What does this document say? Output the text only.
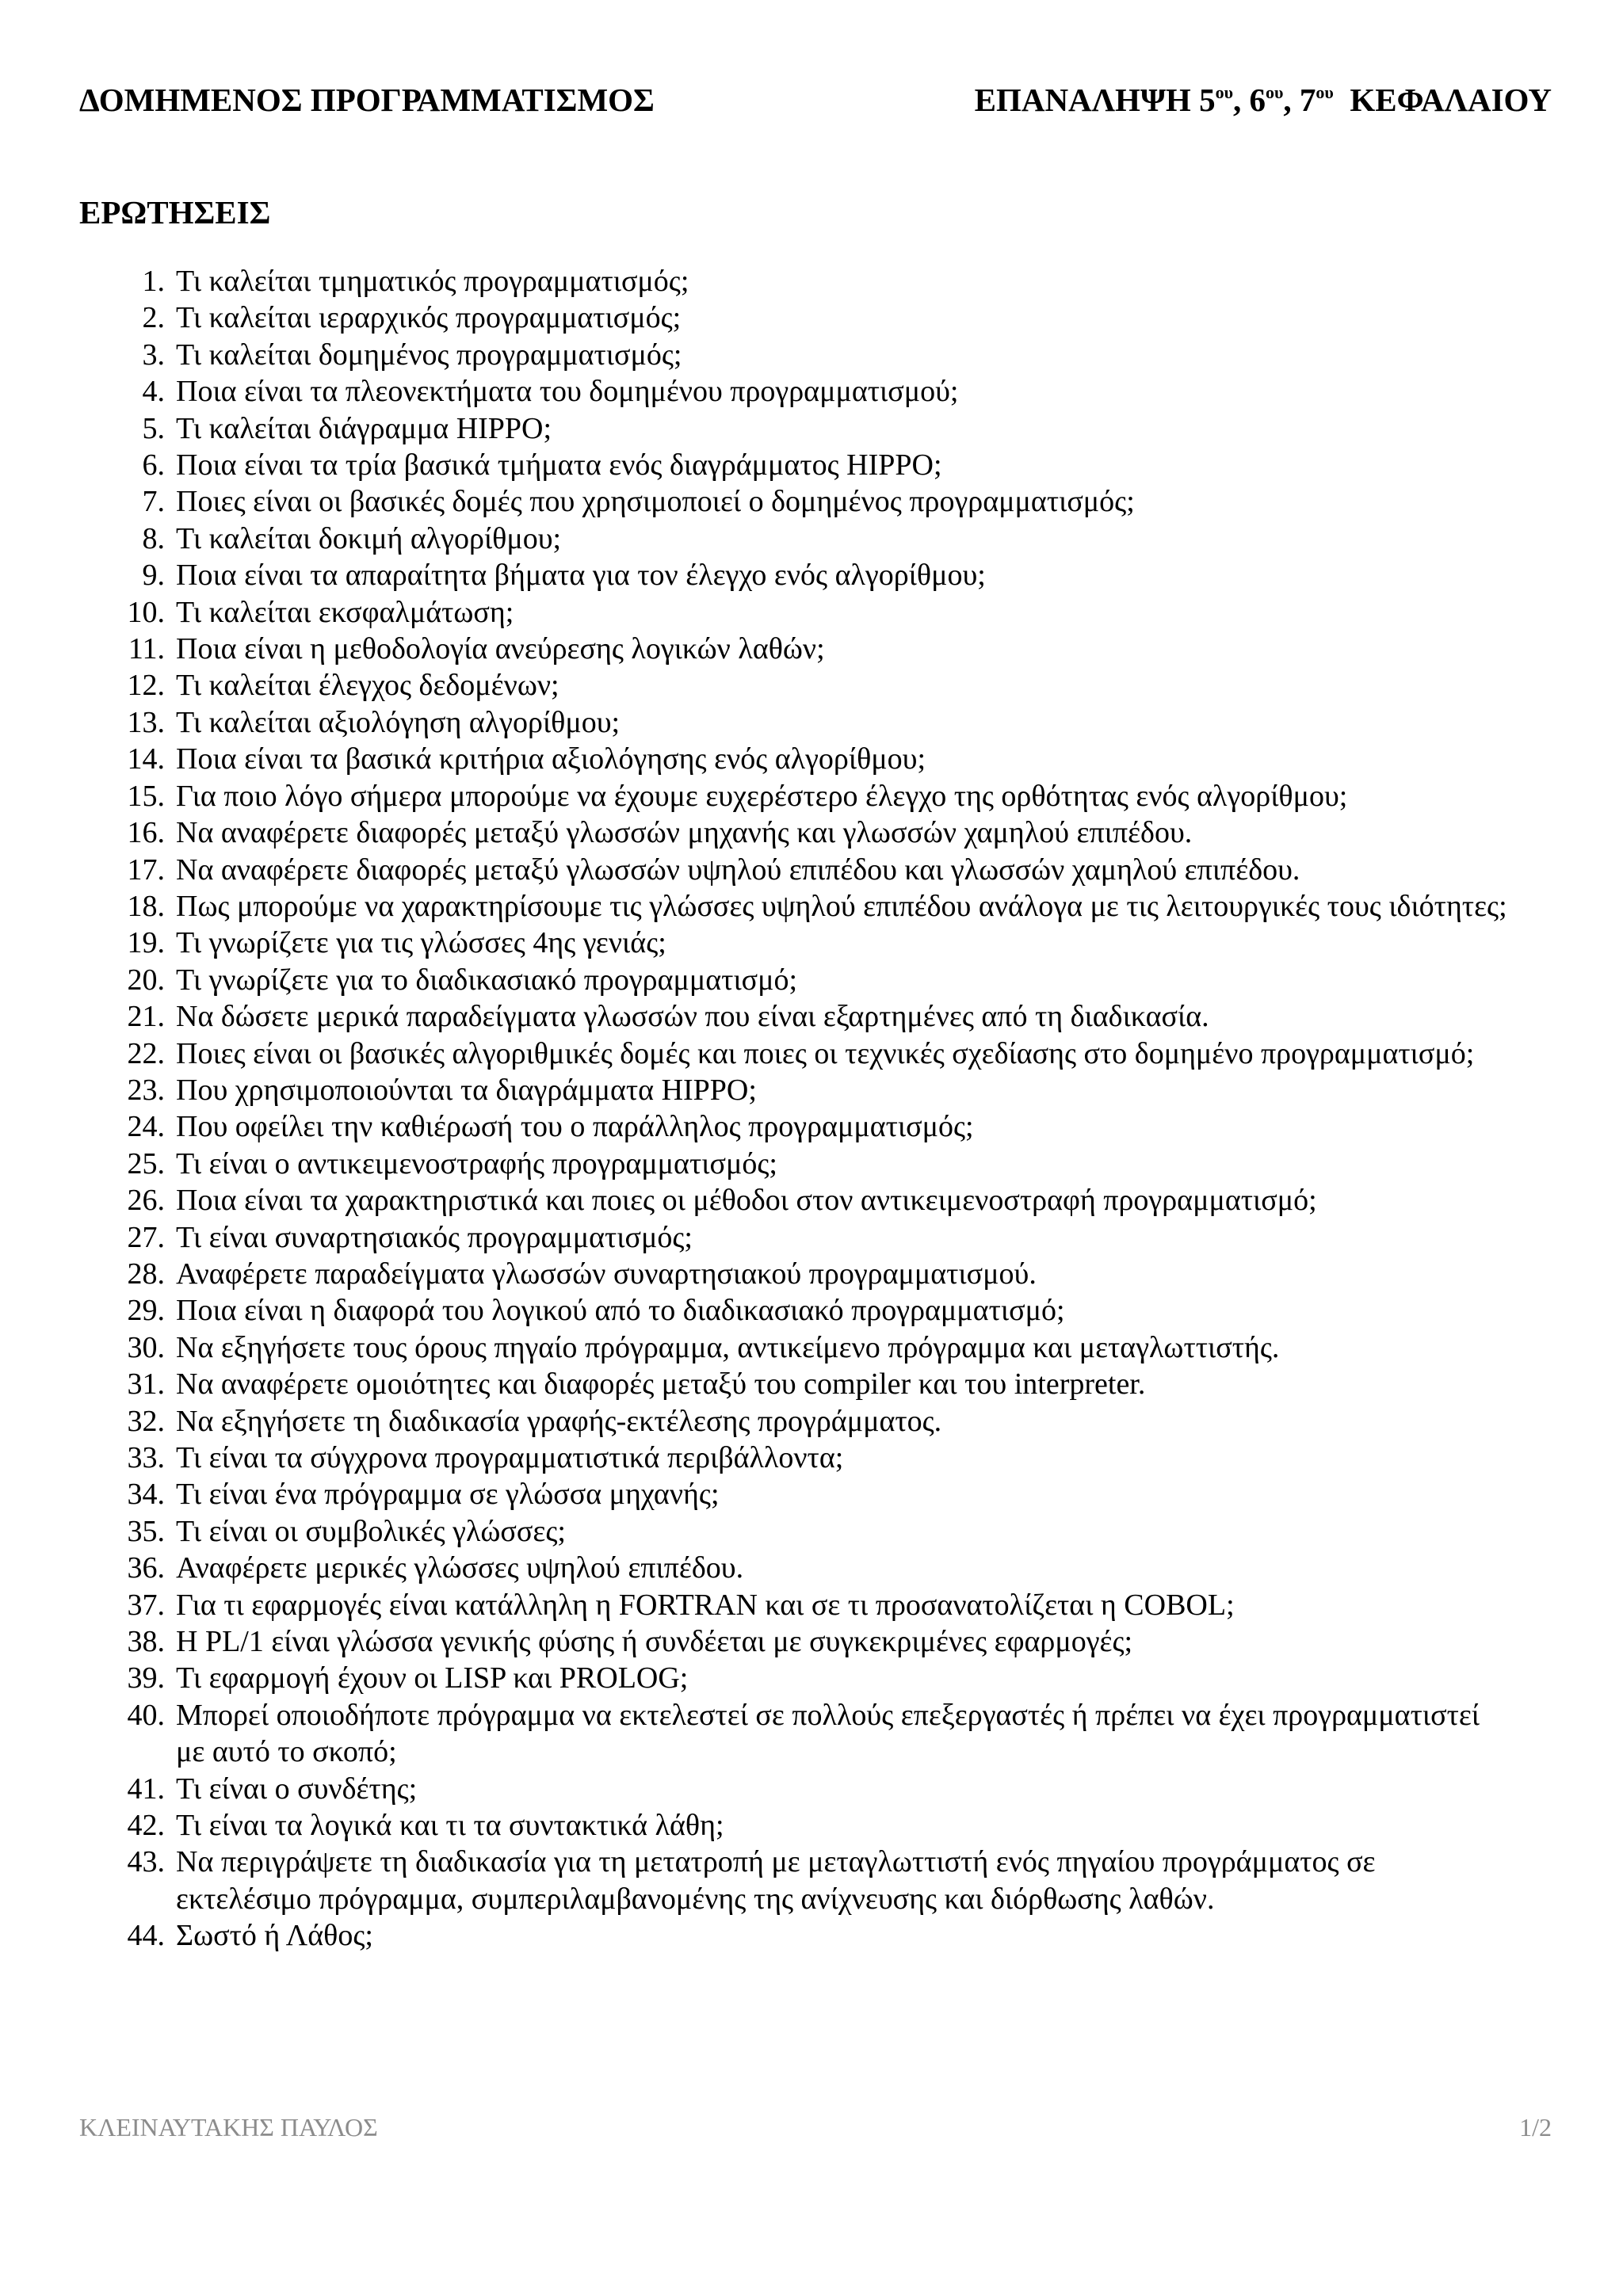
ΔΟΜΗΜΕΝΟΣ ΠΡΟΓΡΑΜΜΑΤΙΣΜΟΣ	ΕΠΑΝΑΛΗΨΗ $5^{o\upsilon}$, $6^{o\upsilon}$, $7^{o\upsilon}$ ΚΕΦΑΛΑΙΟΥ
ΕΡΩΤΗΣΕΙΣ
1. Τι καλείται τμηματικός προγραμματισμός;
2. Τι καλείται ιεραρχικός προγραμματισμός;
3. Τι καλείται δομημένος προγραμματισμός;
4. Ποια είναι τα πλεονεκτήματα του δομημένου προγραμματισμού;
5. Τι καλείται διάγραμμα HIPPO;
6. Ποια είναι τα τρία βασικά τμήματα ενός διαγράμματος HIPPO;
7. Ποιες είναι οι βασικές δομές που χρησιμοποιεί ο δομημένος προγραμματισμός;
8. Τι καλείται δοκιμή αλγορίθμου;
9. Ποια είναι τα απαραίτητα βήματα για τον έλεγχο ενός αλγορίθμου;
10. Τι καλείται εκσφαλμάτωση;
11. Ποια είναι η μεθοδολογία ανεύρεσης λογικών λαθών;
12. Τι καλείται έλεγχος δεδομένων;
13. Τι καλείται αξιολόγηση αλγορίθμου;
14. Ποια είναι τα βασικά κριτήρια αξιολόγησης ενός αλγορίθμου;
15. Για ποιο λόγο σήμερα μπορούμε να έχουμε ευχερέστερο έλεγχο της ορθότητας ενός αλγορίθμου;
16. Να αναφέρετε διαφορές μεταξύ γλωσσών μηχανής και γλωσσών χαμηλού επιπέδου.
17. Να αναφέρετε διαφορές μεταξύ γλωσσών υψηλού επιπέδου και γλωσσών χαμηλού επιπέδου.
18. Πως μπορούμε να χαρακτηρίσουμε τις γλώσσες υψηλού επιπέδου ανάλογα με τις λειτουργικές τους ιδιότητες;
19. Τι γνωρίζετε για τις γλώσσες 4ης γενιάς;
20. Τι γνωρίζετε για το διαδικασιακό προγραμματισμό;
21. Να δώσετε μερικά παραδείγματα γλωσσών που είναι εξαρτημένες από τη διαδικασία.
22. Ποιες είναι οι βασικές αλγοριθμικές δομές και ποιες οι τεχνικές σχεδίασης στο δομημένο προγραμματισμό;
23. Που χρησιμοποιούνται τα διαγράμματα HIPPO;
24. Που οφείλει την καθιέρωσή του ο παράλληλος προγραμματισμός;
25. Τι είναι ο αντικειμενοστραφής προγραμματισμός;
26. Ποια είναι τα χαρακτηριστικά και ποιες οι μέθοδοι στον αντικειμενοστραφή προγραμματισμό;
27. Τι είναι συναρτησιακός προγραμματισμός;
28. Αναφέρετε παραδείγματα γλωσσών συναρτησιακού προγραμματισμού.
29. Ποια είναι η διαφορά του λογικού από το διαδικασιακό προγραμματισμό;
30. Να εξηγήσετε τους όρους πηγαίο πρόγραμμα, αντικείμενο πρόγραμμα και μεταγλωττιστής.
31. Να αναφέρετε ομοιότητες και διαφορές μεταξύ του compiler και του interpreter.
32. Να εξηγήσετε τη διαδικασία γραφής-εκτέλεσης προγράμματος.
33. Τι είναι τα σύγχρονα προγραμματιστικά περιβάλλοντα;
34. Τι είναι ένα πρόγραμμα σε γλώσσα μηχανής;
35. Τι είναι οι συμβολικές γλώσσες;
36. Αναφέρετε μερικές γλώσσες υψηλού επιπέδου.
37. Για τι εφαρμογές είναι κατάλληλη η FORTRAN και σε τι προσανατολίζεται η COBOL;
38. Η PL/1 είναι γλώσσα γενικής φύσης ή συνδέεται με συγκεκριμένες εφαρμογές;
39. Τι εφαρμογή έχουν οι LISP και PROLOG;
40. Μπορεί οποιοδήποτε πρόγραμμα να εκτελεστεί σε πολλούς επεξεργαστές ή πρέπει να έχει προγραμματιστεί με αυτό το σκοπό;
41. Τι είναι ο συνδέτης;
42. Τι είναι τα λογικά και τι τα συντακτικά λάθη;
43. Να περιγράψετε τη διαδικασία για τη μετατροπή με μεταγλωττιστή ενός πηγαίου προγράμματος σε εκτελέσιμο πρόγραμμα, συμπεριλαμβανομένης της ανίχνευσης και διόρθωσης λαθών.
44. Σωστό ή Λάθος;
ΚΛΕΙΝΑΥΤΑΚΗΣ ΠΑΥΛΟΣ	1/2
